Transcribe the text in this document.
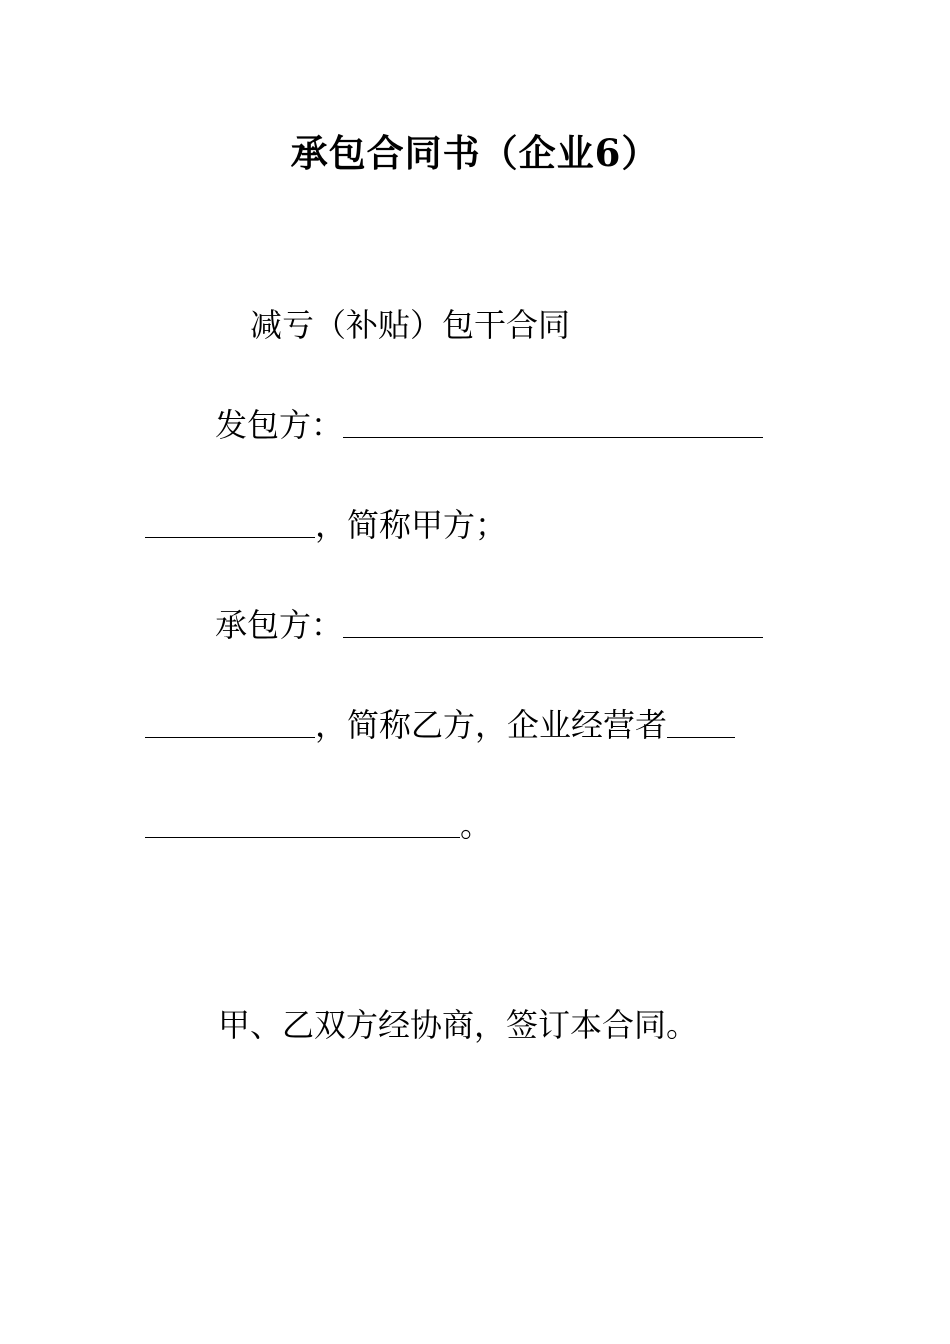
承包合同书（企业6）
减亏（补贴）包干合同
发包方：
，简称甲方；
承包方：
，简称乙方，企业经营者
。
甲、乙双方经协商，签订本合同。
